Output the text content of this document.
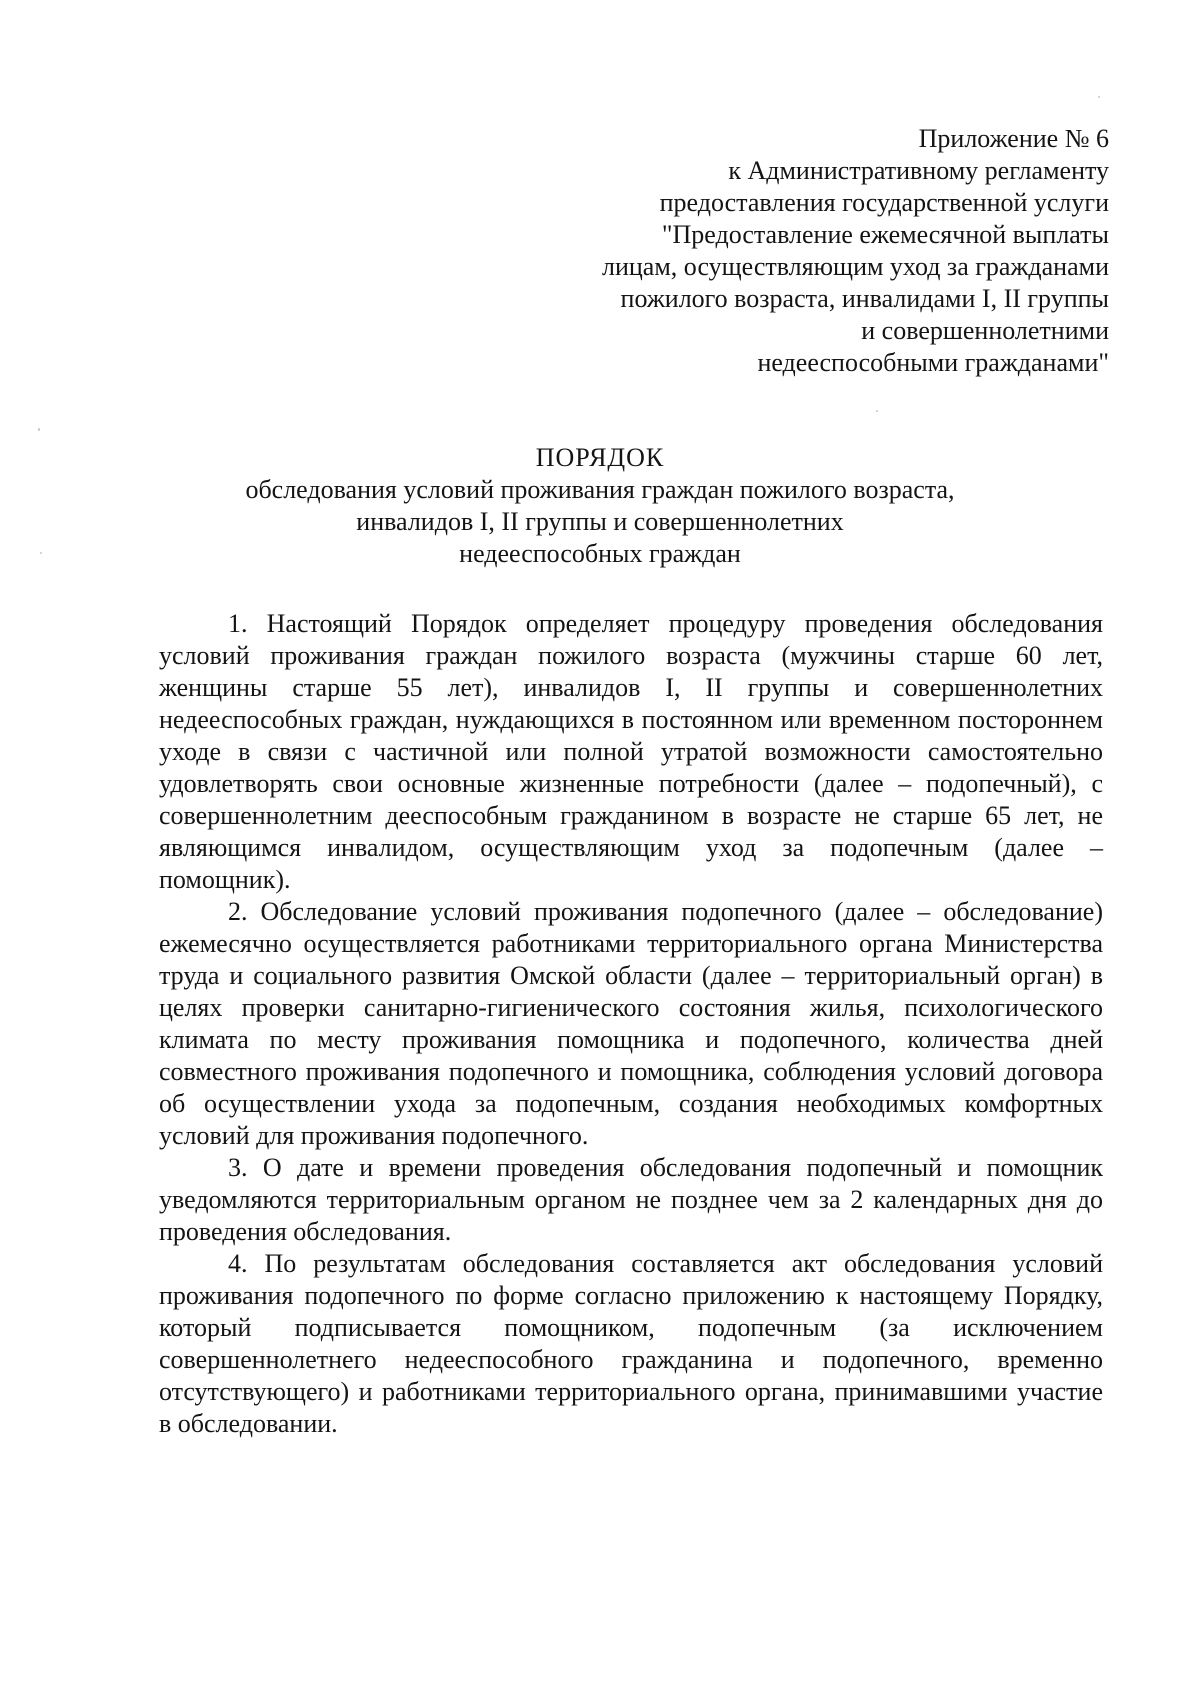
Приложение № 6
к Административному регламенту
предоставления государственной услуги
"Предоставление ежемесячной выплаты
лицам, осуществляющим уход за гражданами
пожилого возраста, инвалидами I, II группы
и совершеннолетними
недееспособными гражданами"
ПОРЯДОК
обследования условий проживания граждан пожилого возраста,
инвалидов I, II группы и совершеннолетних
недееспособных граждан

1. Настоящий Порядок определяет процедуру проведения обследования условий проживания граждан пожилого возраста (мужчины старше 60 лет, женщины старше 55 лет), инвалидов I, II группы и совершеннолетних недееспособных граждан, нуждающихся в постоянном или временном постороннем уходе в связи с частичной или полной утратой возможности самостоятельно удовлетворять свои основные жизненные потребности (далее – подопечный), с совершеннолетним дееспособным гражданином в возрасте не старше 65 лет, не являющимся инвалидом, осуществляющим уход за подопечным (далее – помощник).

2. Обследование условий проживания подопечного (далее – обследование) ежемесячно осуществляется работниками территориального органа Министерства труда и социального развития Омской области (далее – территориальный орган) в целях проверки санитарно-гигиенического состояния жилья, психологического климата по месту проживания помощника и подопечного, количества дней совместного проживания подопечного и помощника, соблюдения условий договора об осуществлении ухода за подопечным, создания необходимых комфортных условий для проживания подопечного.

3. О дате и времени проведения обследования подопечный и помощник уведомляются территориальным органом не позднее чем за 2 календарных дня до проведения обследования.

4. По результатам обследования составляется акт обследования условий проживания подопечного по форме согласно приложению к настоящему Порядку, который подписывается помощником, подопечным (за исключением совершеннолетнего недееспособного гражданина и подопечного, временно отсутствующего) и работниками территориального органа, принимавшими участие в обследовании.
